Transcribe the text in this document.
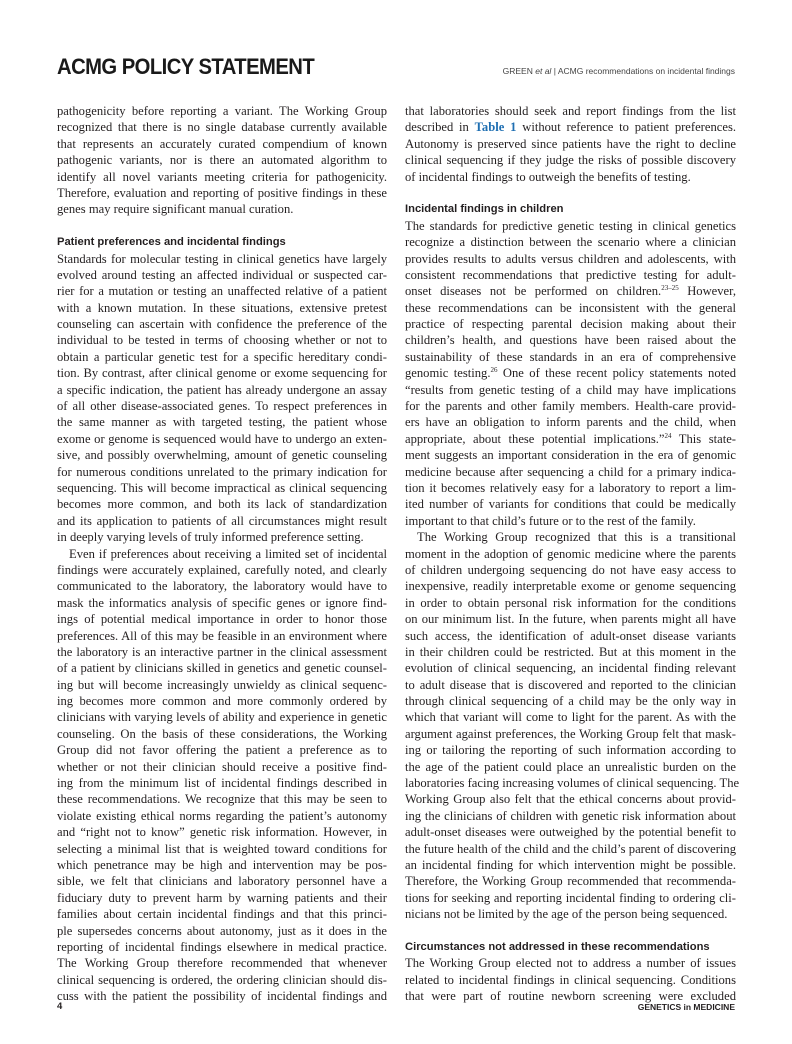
ACMG POLICY STATEMENT	GREEN et al | ACMG recommendations on incidental findings
pathogenicity before reporting a variant. The Working Group
recognized that there is no single database currently available
that represents an accurately curated compendium of known
pathogenic variants, nor is there an automated algorithm to
identify all novel variants meeting criteria for pathogenicity.
Therefore, evaluation and reporting of positive findings in these
genes may require significant manual curation.
Patient preferences and incidental findings
Standards for molecular testing in clinical genetics have largely
evolved around testing an affected individual or suspected car-
rier for a mutation or testing an unaffected relative of a patient
with a known mutation. In these situations, extensive pretest
counseling can ascertain with confidence the preference of the
individual to be tested in terms of choosing whether or not to
obtain a particular genetic test for a specific hereditary condi-
tion. By contrast, after clinical genome or exome sequencing for
a specific indication, the patient has already undergone an assay
of all other disease-associated genes. To respect preferences in
the same manner as with targeted testing, the patient whose
exome or genome is sequenced would have to undergo an exten-
sive, and possibly overwhelming, amount of genetic counseling
for numerous conditions unrelated to the primary indication for
sequencing. This will become impractical as clinical sequencing
becomes more common, and both its lack of standardization
and its application to patients of all circumstances might result
in deeply varying levels of truly informed preference setting.
Even if preferences about receiving a limited set of incidental
findings were accurately explained, carefully noted, and clearly
communicated to the laboratory, the laboratory would have to
mask the informatics analysis of specific genes or ignore find-
ings of potential medical importance in order to honor those
preferences. All of this may be feasible in an environment where
the laboratory is an interactive partner in the clinical assessment
of a patient by clinicians skilled in genetics and genetic counsel-
ing but will become increasingly unwieldy as clinical sequenc-
ing becomes more common and more commonly ordered by
clinicians with varying levels of ability and experience in genetic
counseling. On the basis of these considerations, the Working
Group did not favor offering the patient a preference as to
whether or not their clinician should receive a positive find-
ing from the minimum list of incidental findings described in
these recommendations. We recognize that this may be seen to
violate existing ethical norms regarding the patient’s autonomy
and “right not to know” genetic risk information. However, in
selecting a minimal list that is weighted toward conditions for
which penetrance may be high and intervention may be pos-
sible, we felt that clinicians and laboratory personnel have a
fiduciary duty to prevent harm by warning patients and their
families about certain incidental findings and that this princi-
ple supersedes concerns about autonomy, just as it does in the
reporting of incidental findings elsewhere in medical practice.
The Working Group therefore recommended that whenever
clinical sequencing is ordered, the ordering clinician should dis-
cuss with the patient the possibility of incidental findings and
that laboratories should seek and report findings from the list
described in Table 1 without reference to patient preferences.
Autonomy is preserved since patients have the right to decline
clinical sequencing if they judge the risks of possible discovery
of incidental findings to outweigh the benefits of testing.
Incidental findings in children
The standards for predictive genetic testing in clinical genetics
recognize a distinction between the scenario where a clinician
provides results to adults versus children and adolescents, with
consistent recommendations that predictive testing for adult-
onset diseases not be performed on children.$^{23-25}$ However,
these recommendations can be inconsistent with the general
practice of respecting parental decision making about their
children’s health, and questions have been raised about the
sustainability of these standards in an era of comprehensive
genomic testing.$^{26}$ One of these recent policy statements noted
“results from genetic testing of a child may have implications
for the parents and other family members. Health-care provid-
ers have an obligation to inform parents and the child, when
appropriate, about these potential implications.”$^{24}$ This state-
ment suggests an important consideration in the era of genomic
medicine because after sequencing a child for a primary indica-
tion it becomes relatively easy for a laboratory to report a lim-
ited number of variants for conditions that could be medically
important to that child’s future or to the rest of the family.
The Working Group recognized that this is a transitional
moment in the adoption of genomic medicine where the parents
of children undergoing sequencing do not have easy access to
inexpensive, readily interpretable exome or genome sequencing
in order to obtain personal risk information for the conditions
on our minimum list. In the future, when parents might all have
such access, the identification of adult-onset disease variants
in their children could be restricted. But at this moment in the
evolution of clinical sequencing, an incidental finding relevant
to adult disease that is discovered and reported to the clinician
through clinical sequencing of a child may be the only way in
which that variant will come to light for the parent. As with the
argument against preferences, the Working Group felt that mask-
ing or tailoring the reporting of such information according to
the age of the patient could place an unrealistic burden on the
laboratories facing increasing volumes of clinical sequencing. The
Working Group also felt that the ethical concerns about provid-
ing the clinicians of children with genetic risk information about
adult-onset diseases were outweighed by the potential benefit to
the future health of the child and the child’s parent of discovering
an incidental finding for which intervention might be possible.
Therefore, the Working Group recommended that recommenda-
tions for seeking and reporting incidental finding to ordering cli-
nicians not be limited by the age of the person being sequenced.
Circumstances not addressed in these recommendations
The Working Group elected not to address a number of issues
related to incidental findings in clinical sequencing. Conditions
that were part of routine newborn screening were excluded
4	GENETICS in MEDICINE
